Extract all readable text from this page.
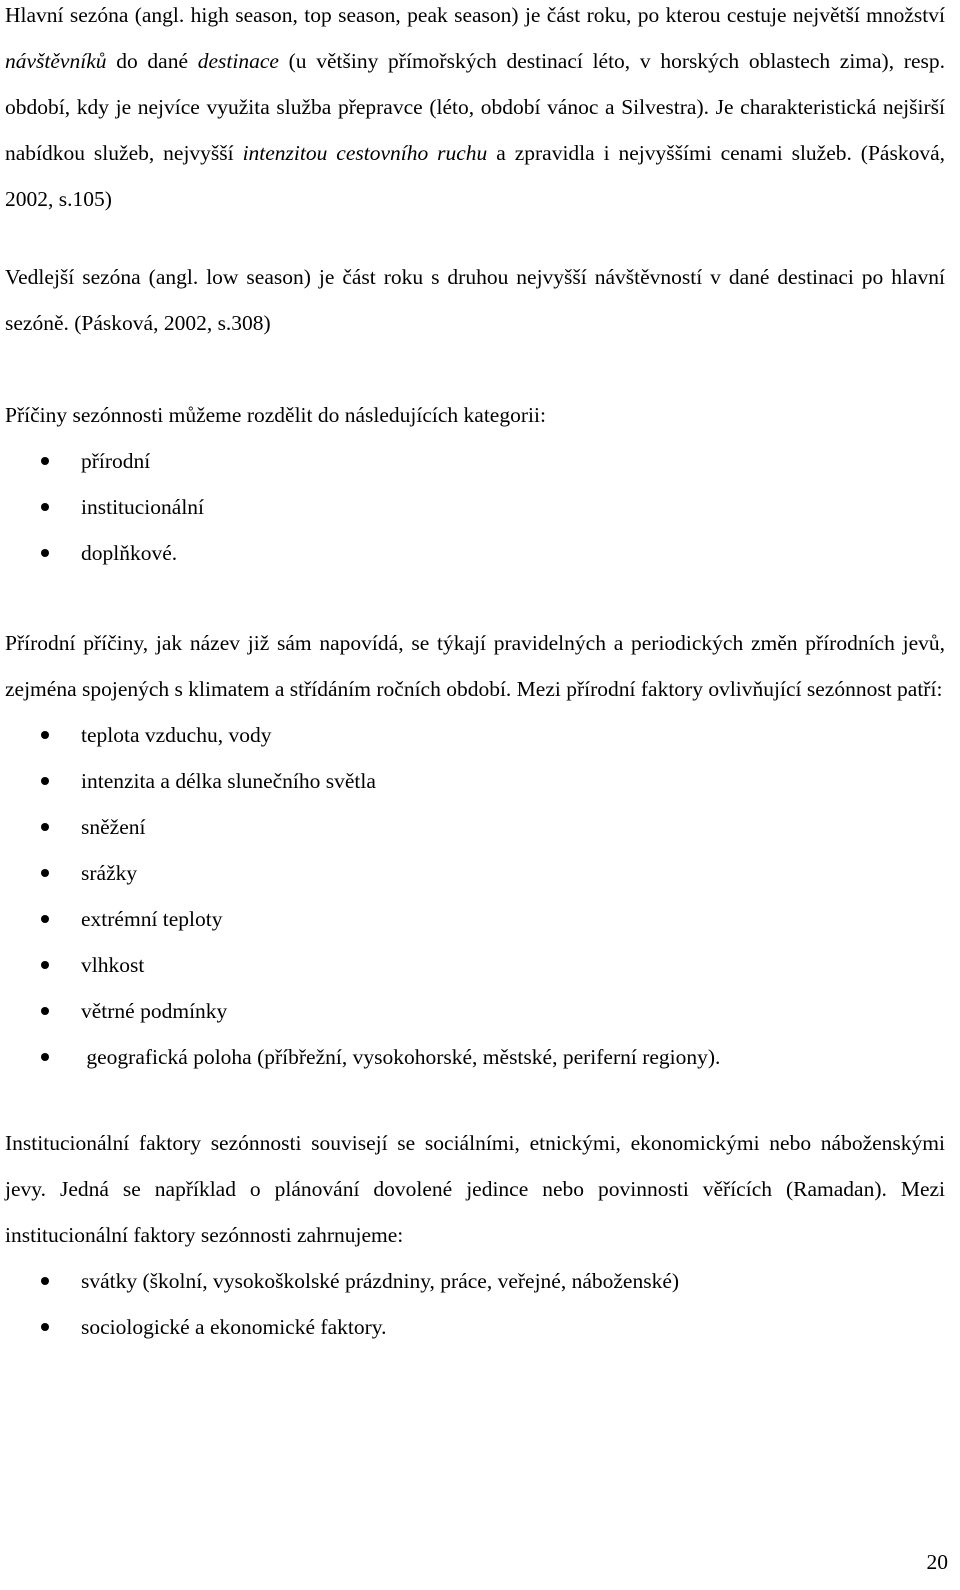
Hlavní sezóna (angl. high season, top season, peak season) je část roku, po kterou cestuje největší množství návštěvníků do dané destinace (u většiny přímořských destinací léto, v horských oblastech zima), resp. období, kdy je nejvíce využita služba přepravce (léto, období vánoc a Silvestra). Je charakteristická nejširší nabídkou služeb, nejvyšší intenzitou cestovního ruchu a zpravidla i nejvyššími cenami služeb. (Pásková, 2002, s.105)

Vedlejší sezóna (angl. low season) je část roku s druhou nejvyšší návštěvností v dané destinaci po hlavní sezóně. (Pásková, 2002, s.308)

Příčiny sezónnosti můžeme rozdělit do následujících kategorii:

přírodní
institucionální
doplňkové.

Přírodní příčiny, jak název již sám napovídá, se týkají pravidelných a periodických změn přírodních jevů, zejména spojených s klimatem a střídáním ročních období. Mezi přírodní faktory ovlivňující sezónnost patří:

teplota vzduchu, vody
intenzita a délka slunečního světla
sněžení
srážky
extrémní teploty
vlhkost
větrné podmínky
geografická poloha (příbřežní, vysokohorské, městské, periferní regiony).

Institucionální faktory sezónnosti souvisejí se sociálními, etnickými, ekonomickými nebo náboženskými jevy. Jedná se například o plánování dovolené jedince nebo povinnosti věřících (Ramadan). Mezi institucionální faktory sezónnosti zahrnujeme:

svátky (školní, vysokoškolské prázdniny, práce, veřejné, náboženské)
sociologické a ekonomické faktory.
20
